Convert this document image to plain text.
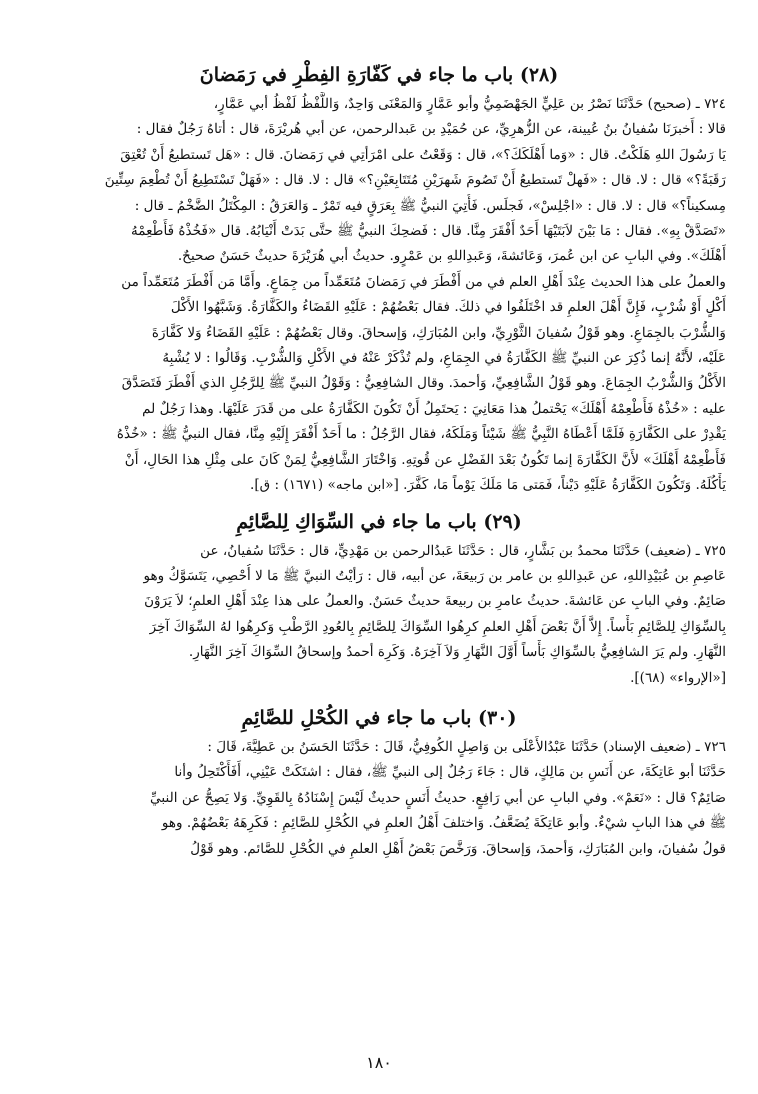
(٢٨) باب ما جاء في كَفّارَةِ الفِطْرِ في رَمَضانَ
٧٢٤ ـ (صحيح) حَدَّثَنَا نَصْرُ بن عَلِيٍّ الجَهْضَمِيُّ وأبو عَمَّارٍ وَالمَعْنَى وَاحِدٌ، وَاللَّفْظُ لَفْظُ أبي عَمَّارٍ،
قالا : أَخبرَنَا سُفيانُ بنُ عُيينة، عن الزُّهرِيِّ، عن حُمَيْدِ بن عَبدالرحمن، عن أبي هُريْرَةَ، قال : أتاهُ رَجُلٌ فقال :
يَا رَسُولَ اللهِ هَلَكْتُ. قال : «وَما أَهْلَكَكَ؟»، قال : وَقَعْتُ على امْرَأتِي في رَمَضانَ. قال : «هَل تَستطيعُ أَنْ تُعْتِقَ
رَقَبَةً؟» قال : لا. قال : «فَهلْ تَستطيعُ أَنْ تَصُومَ شَهرَيْنِ مُتَتَابِعَيْنِ؟» قال : لا. قال : «فَهَلْ تَسْتَطِيعُ أَنْ تُطْعِمَ سِتِّينَ
مِسكيناً؟» قال : لا. قال : «اجْلِسْ»، فَجلَس. فَأُتِيَ النبيُّ ﷺ بِعَرَقٍ فيه تَمْرٌ ـ وَالعَرَقُ : المِكْتَلُ الضَّخْمُ ـ قال :
«تَصَدَّقْ بِهِ». فقال : مَا بَيْنَ لاَبَتَيْهَا أَحَدٌ أَفْقَرَ مِنَّا. قال : فَضحِكَ النبيُّ ﷺ حتَّى بَدَتْ أَنْيَابُهُ. قال «فَخُذْهُ فَأَطْعِمْهُ
أَهْلَكَ». وفي البابِ عن ابن عُمرَ، وَعَائشةَ، وَعَبدِاللهِ بن عَمْرٍو. حديثُ أبي هُرَيْرَةَ حديثٌ حَسَنٌ صحيحٌ.
والعملُ على هذا الحديث عِنْدَ أَهْلِ العلم في من أَفْطَرَ في رَمَضانَ مُتَعَمِّداً من جِمَاعٍ. وأَمَّا مَن أَفْطَرَ مُتَعَمِّداً من
أَكْلٍ أَوْ شُرْبٍ، فَإِنَّ أَهْلَ العلمِ قد اخْتَلَفُوا في ذلكَ. فقال بَعْضُهُمْ : عَلَيْهِ القَضَاءُ والكَفَّارَةُ. وَشَبَّهُوا الأَكْلَ
وَالشُّرْبَ بالجِمَاعِ. وهو قَوْلُ سُفيانَ الثَّوْرِيِّ، وابن المُبَارَكِ، وَإسحاقَ. وقال بَعْضُهُمْ : عَلَيْهِ القَضَاءُ وَلا كَفَّارَةَ
عَلَيْه، لأَنَّهُ إنما ذُكِرَ عن النبيِّ ﷺ الكَفَّارَةُ في الجِمَاعِ، ولم تُذْكَرْ عَنْهُ في الأَكْلِ وَالشُّرْبِ. وَقَالُوا : لا يُشْبِهُ
الأَكْلُ وَالشُّرْبُ الجِمَاعَ. وهو قَوْلُ الشَّافِعِيِّ، وَأحمدَ. وقال الشافِعِيُّ : وَقَوْلُ النبيِّ ﷺ لِلرَّجُلِ الذي أَفْطَرَ فَتَصَدَّقَ
عليه : «خُذْهُ فَأَطْعِمْهُ أَهْلَكَ» يَحْتملُ هذا مَعَانِيَ : يَحتَمِلُ أَنْ تَكُونَ الكَفَّارَةُ على من قَدَرَ عَلَيْهَا. وهذا رَجُلٌ لم
يَقْدِرْ على الكَفَّارَةِ فَلَمَّا أَعْطَاهُ النَّبِيُّ ﷺ شَيْئاً وَمَلَكَهُ، فقال الرَّجُلُ : ما أَحَدٌ أَفْقَرَ إِلَيْهِ مِنَّا، فقال النبيُّ ﷺ : «خُذْهُ
فَأَطْعِمْهُ أَهْلَكَ» لأَنَّ الكَفَّارَةَ إنما تَكُونُ بَعْدَ الفَضْلِ عن قُوتِهِ. وَاخْتَارَ الشَّافِعِيُّ لِمَنْ كَانَ على مِثْلِ هذا الحَالِ، أَنْ
يَأْكُلَهُ. وَتَكُونَ الكَفَّارَةُ عَلَيْهِ دَيْناً، فَمَتى مَا مَلَكَ يَوْماً مَا، كَفَّرَ. [«ابن ماجه» (١٦٧١) : ق].
(٢٩) باب ما جاء في السِّوَاكِ لِلصَّائِمِ
٧٢٥ ـ (ضعيف) حَدَّثَنَا محمدُ بن بَشَّارٍ، قال : حَدَّثَنَا عَبدُالرحمن بن مَهْدِيٍّ، قال : حَدَّثَنَا سُفيانُ، عن
عَاصِمِ بن عُبَيْدِاللهِ، عن عَبدِاللهِ بن عامر بن رَبيعَةَ، عن أبيه، قال : رَأيْتُ النبيَّ ﷺ مَا لا أُحْصِي، يَتَسَوَّكُ وهو
صَائِمٌ. وفي البابِ عن عَائشةَ. حديثُ عامرِ بن ربيعةَ حديثٌ حَسَنٌ. والعملُ على هذا عِنْدَ أَهْلِ العلمِ؛ لاَ يَرَوْنَ
بِالسِّوَاكِ لِلصَّائِمِ بَأْساً. إِلاَّ أَنَّ بَعْضَ أَهْلِ العلمِ كرِهُوا السِّوَاكَ لِلصَّائِمِ بِالعُودِ الرَّطْبِ وَكرِهُوا لهُ السِّوَاكَ آخِرَ
النَّهَارِ. ولم يَرَ الشافِعِيُّ بالسِّوَاكِ بَأْساً أَوَّلَ النَّهَارِ وَلاَ آخِرَهُ. وَكَرِهَ أحمدُ وإسحاقُ السِّوَاكَ آخِرَ النَّهَارِ.
[«الإرواء» (٦٨)].
(٣٠) باب ما جاء في الكُحْلِ للصَّائِمِ
٧٢٦ ـ (ضعيف الإسناد) حَدَّثَنَا عَبْدُالأَعْلَى بن وَاصِلٍ الكُوفِيُّ، قَالَ : حَدَّثَنَا الحَسَنُ بن عَطِيَّةَ، قَالَ :
حَدَّثَنَا أبو عَاتِكَةَ، عن أَنَسِ بن مَالِكٍ، قال : جَاءَ رَجُلٌ إلى النبيِّ ﷺ، فقال : اشتَكَتْ عَيْنِي، أَفَأَكْتَحِلُ وأنا
صَائِمٌ؟ قال : «نَعَمْ». وفي البابِ عن أبي رَافِعٍ. حديثُ أَنَسٍ حديثٌ لَيْسَ إِسْنَادُهُ بِالقَوِيِّ. وَلا يَصِحُّ عن النبيِّ
ﷺ في هذا البابِ شيْءٌ. وأبو عَاتِكَةَ يُضَعَّفُ. وَاختلفَ أَهْلُ العلمِ في الكُحْلِ للصَّائِمِ : فَكَرِهَهُ بَعْضُهُمْ. وهو
قولُ سُفيانَ، وابن المُبَارَكِ، وَأحمدَ، وَإسحاقَ. وَرَخَّصَ بَعْضُ أَهْلِ العلمِ في الكُحْلِ للصَّائم. وهو قَوْلُ
١٨٠
